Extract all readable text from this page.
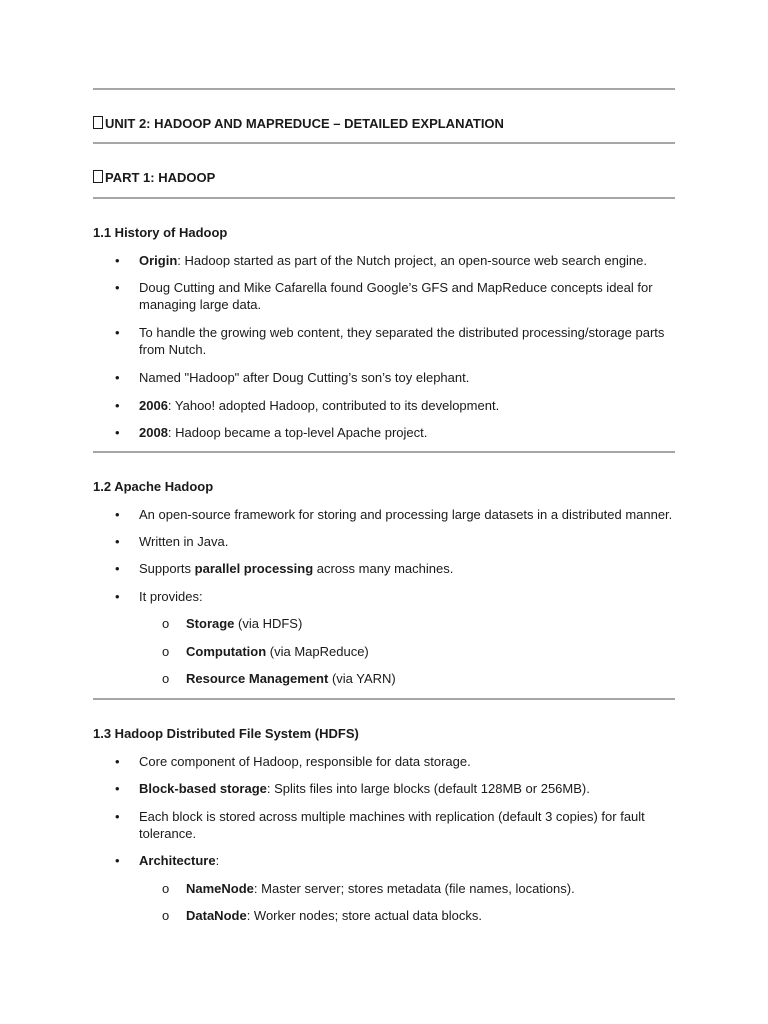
UNIT 2: HADOOP AND MAPREDUCE – DETAILED EXPLANATION
PART 1: HADOOP
1.1 History of Hadoop
• Origin: Hadoop started as part of the Nutch project, an open-source web search engine.
• Doug Cutting and Mike Cafarella found Google’s GFS and MapReduce concepts ideal for
managing large data.
• To handle the growing web content, they separated the distributed processing/storage parts
from Nutch.
• Named "Hadoop" after Doug Cutting’s son’s toy elephant.
• 2006: Yahoo! adopted Hadoop, contributed to its development.
• 2008: Hadoop became a top-level Apache project.
1.2 Apache Hadoop
• An open-source framework for storing and processing large datasets in a distributed manner.
• Written in Java.
• Supports parallel processing across many machines.
• It provides:
o Storage (via HDFS)
o Computation (via MapReduce)
o Resource Management (via YARN)
1.3 Hadoop Distributed File System (HDFS)
• Core component of Hadoop, responsible for data storage.
• Block-based storage: Splits files into large blocks (default 128MB or 256MB).
• Each block is stored across multiple machines with replication (default 3 copies) for fault
tolerance.
• Architecture:
o NameNode: Master server; stores metadata (file names, locations).
o DataNode: Worker nodes; store actual data blocks.
